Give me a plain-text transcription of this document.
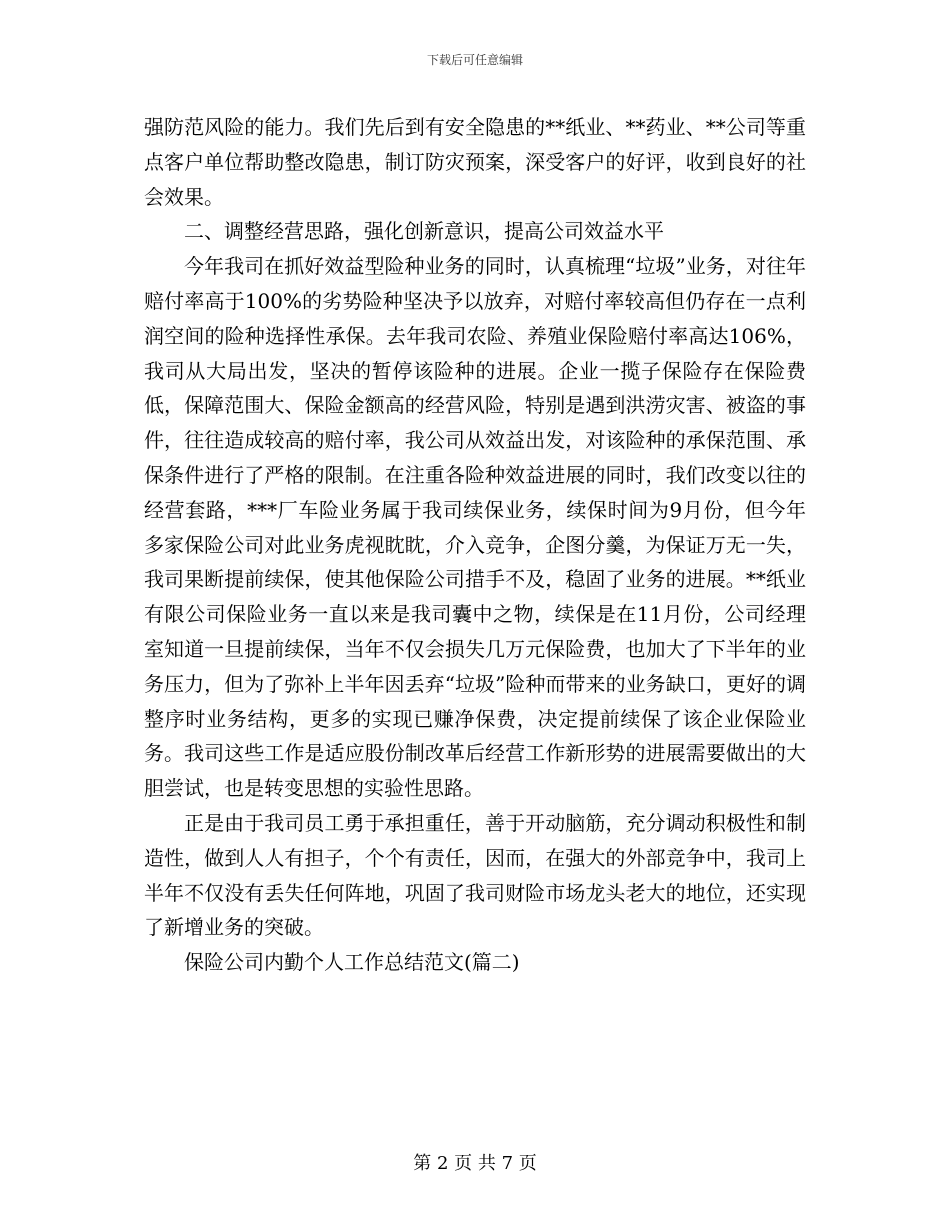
下载后可任意编辑

强防范风险的能力。我们先后到有安全隐患的**纸业、**药业、**公司等重点客户单位帮助整改隐患，制订防灾预案，深受客户的好评，收到良好的社会效果。

二、调整经营思路，强化创新意识，提高公司效益水平

今年我司在抓好效益型险种业务的同时，认真梳理“垃圾”业务，对往年赔付率高于100%的劣势险种坚决予以放弃，对赔付率较高但仍存在一点利润空间的险种选择性承保。去年我司农险、养殖业保险赔付率高达106%，我司从大局出发，坚决的暂停该险种的进展。企业一揽子保险存在保险费低，保障范围大、保险金额高的经营风险，特别是遇到洪涝灾害、被盗的事件，往往造成较高的赔付率，我公司从效益出发，对该险种的承保范围、承保条件进行了严格的限制。在注重各险种效益进展的同时，我们改变以往的经营套路，***厂车险业务属于我司续保业务，续保时间为9月份，但今年多家保险公司对此业务虎视眈眈，介入竞争，企图分羹，为保证万无一失，我司果断提前续保，使其他保险公司措手不及，稳固了业务的进展。**纸业有限公司保险业务一直以来是我司囊中之物，续保是在11月份，公司经理室知道一旦提前续保，当年不仅会损失几万元保险费，也加大了下半年的业务压力，但为了弥补上半年因丢弃“垃圾”险种而带来的业务缺口，更好的调整序时业务结构，更多的实现已赚净保费，决定提前续保了该企业保险业务。我司这些工作是适应股份制改革后经营工作新形势的进展需要做出的大胆尝试，也是转变思想的实验性思路。

正是由于我司员工勇于承担重任，善于开动脑筋，充分调动积极性和制造性，做到人人有担子，个个有责任，因而，在强大的外部竞争中，我司上半年不仅没有丢失任何阵地，巩固了我司财险市场龙头老大的地位，还实现了新增业务的突破。

保险公司内勤个人工作总结范文(篇二)

第 2 页 共 7 页
